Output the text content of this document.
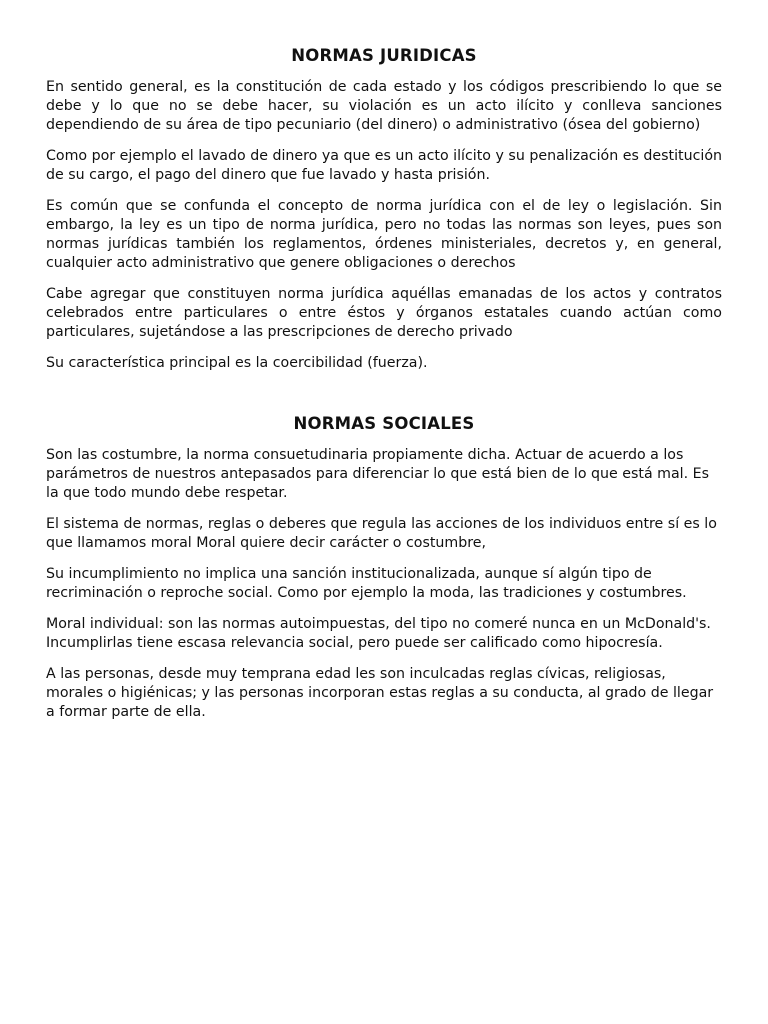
NORMAS JURIDICAS

En sentido general, es la constitución de cada estado y los códigos prescribiendo lo que se debe y lo que no se debe hacer, su violación es un acto ilícito y conlleva sanciones dependiendo de su área de tipo pecuniario (del dinero) o administrativo (ósea del gobierno)

Como por ejemplo el lavado de dinero ya que es un acto ilícito y su penalización es destitución de su cargo, el pago del dinero que fue lavado y hasta prisión.

Es común que se confunda el concepto de norma jurídica con el de ley o legislación. Sin embargo, la ley es un tipo de norma jurídica, pero no todas las normas son leyes, pues son normas jurídicas también los reglamentos, órdenes ministeriales, decretos y, en general, cualquier acto administrativo que genere obligaciones o derechos

Cabe agregar que constituyen norma jurídica aquéllas emanadas de los actos y contratos celebrados entre particulares o entre éstos y órganos estatales cuando actúan como particulares, sujetándose a las prescripciones de derecho privado

Su característica principal es la coercibilidad (fuerza).

NORMAS SOCIALES

Son las costumbre, la norma consuetudinaria propiamente dicha. Actuar de acuerdo a los parámetros de nuestros antepasados para diferenciar lo que está bien de lo que está mal. Es la que todo mundo debe respetar.

El sistema de normas, reglas o deberes que regula las acciones de los individuos entre sí es lo que llamamos moral Moral quiere decir carácter o costumbre,

Su incumplimiento no implica una sanción institucionalizada, aunque sí algún tipo de recriminación o reproche social. Como por ejemplo la moda, las tradiciones y costumbres.

Moral individual: son las normas autoimpuestas, del tipo no comeré nunca en un McDonald's. Incumplirlas tiene escasa relevancia social, pero puede ser calificado como hipocresía.

A las personas, desde muy temprana edad les son inculcadas reglas cívicas, religiosas, morales o higiénicas; y las personas incorporan estas reglas a su conducta, al grado de llegar a formar parte de ella.
